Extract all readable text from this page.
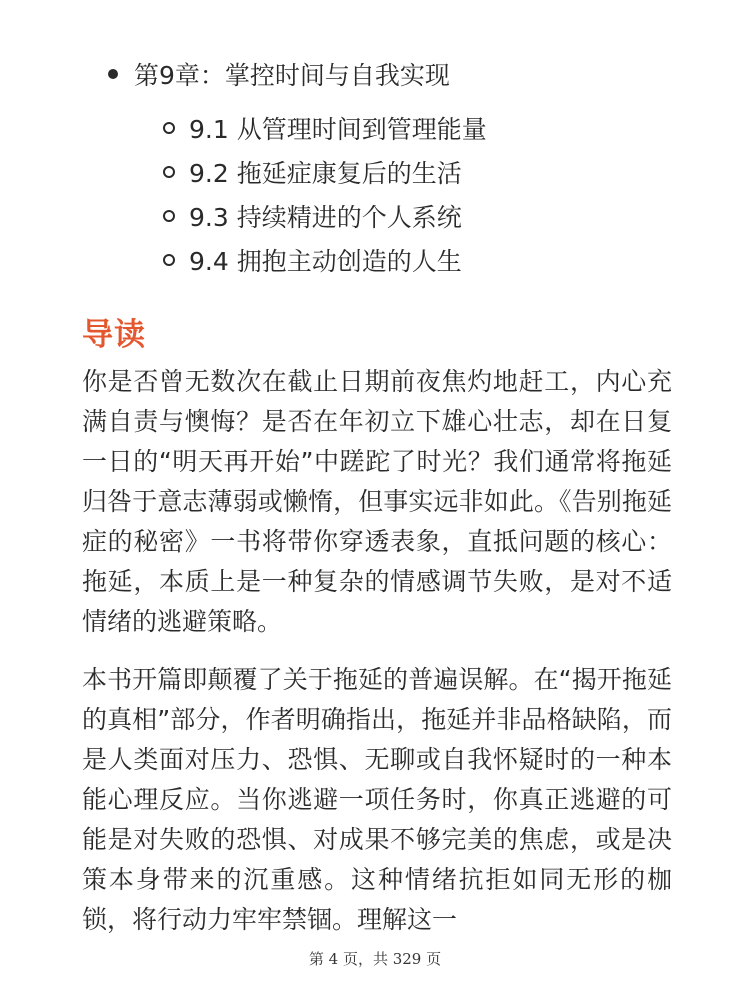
第9章：掌控时间与自我实现
9.1 从管理时间到管理能量
9.2 拖延症康复后的生活
9.3 持续精进的个人系统
9.4 拥抱主动创造的人生
导读

你是否曾无数次在截止日期前夜焦灼地赶工，内心充满自责与懊悔？是否在年初立下雄心壮志，却在日复一日的“明天再开始”中蹉跎了时光？我们通常将拖延归咎于意志薄弱或懒惰，但事实远非如此。《告别拖延症的秘密》一书将带你穿透表象，直抵问题的核心：拖延，本质上是一种复杂的情感调节失败，是对不适情绪的逃避策略。

本书开篇即颠覆了关于拖延的普遍误解。在“揭开拖延的真相”部分，作者明确指出，拖延并非品格缺陷，而是人类面对压力、恐惧、无聊或自我怀疑时的一种本能心理反应。当你逃避一项任务时，你真正逃避的可能是对失败的恐惧、对成果不够完美的焦虑，或是决策本身带来的沉重感。这种情绪抗拒如同无形的枷锁，将行动力牢牢禁锢。理解这一

第 4 页，共 329 页
